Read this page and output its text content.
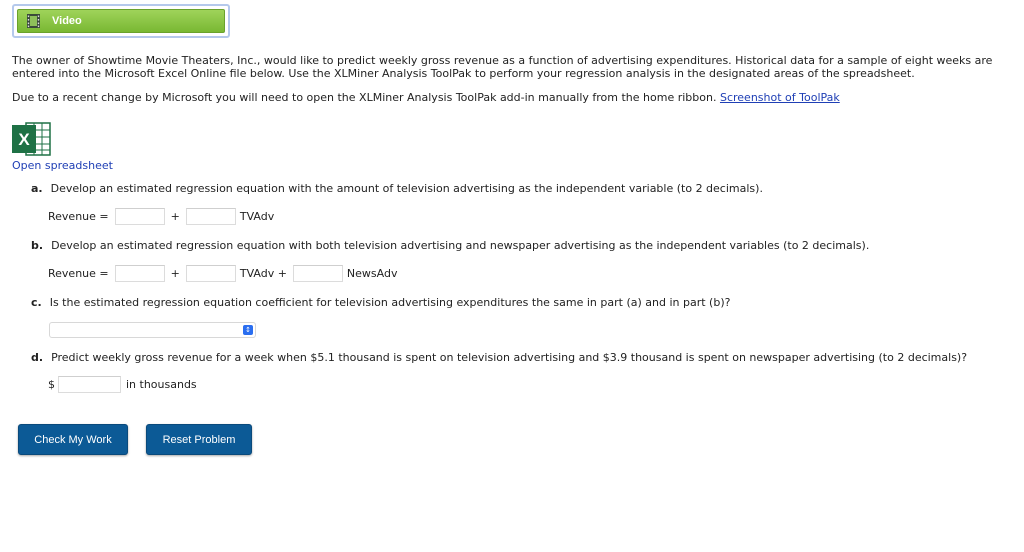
Video
The owner of Showtime Movie Theaters, Inc., would like to predict weekly gross revenue as a function of advertising expenditures. Historical data for a sample of eight weeks are entered into the Microsoft Excel Online file below. Use the XLMiner Analysis ToolPak to perform your regression analysis in the designated areas of the spreadsheet.
Due to a recent change by Microsoft you will need to open the XLMiner Analysis ToolPak add-in manually from the home ribbon. Screenshot of ToolPak
X
Open spreadsheet
a. Develop an estimated regression equation with the amount of television advertising as the independent variable (to 2 decimals).
Revenue =	+	TVAdv
b. Develop an estimated regression equation with both television advertising and newspaper advertising as the independent variables (to 2 decimals).
Revenue =	+	TVAdv +	NewsAdv
c. Is the estimated regression equation coefficient for television advertising expenditures the same in part (a) and in part (b)?
↕
d. Predict weekly gross revenue for a week when $5.1 thousand is spent on television advertising and $3.9 thousand is spent on newspaper advertising (to 2 decimals)?
$	in thousands
Check My Work	Reset Problem
